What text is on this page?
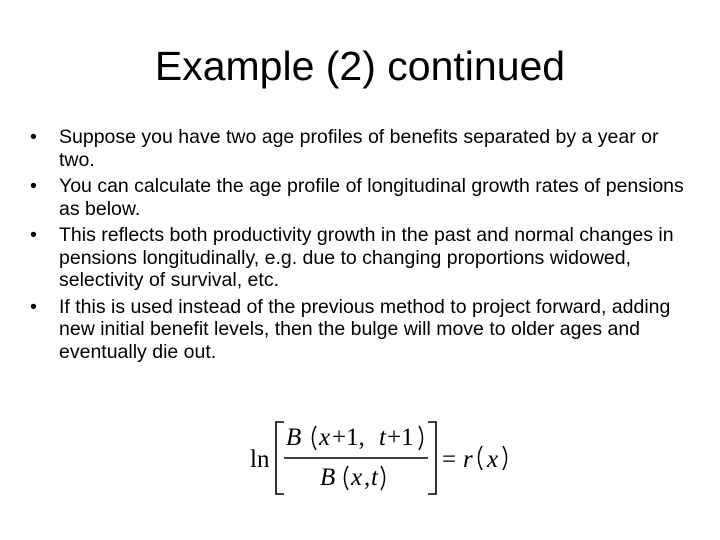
Example (2) continued
•	Suppose you have two age profiles of benefits separated by a year or two.
•	You can calculate the age profile of longitudinal growth rates of pensions as below.
•	This reflects both productivity growth in the past and normal changes in pensions longitudinally, e.g. due to changing proportions widowed, selectivity of survival, etc.
•	If this is used instead of the previous method to project forward, adding new initial benefit levels, then the bulge will move to older ages and eventually die out.
ln
B x +1, t +1
B x , t
= r x
